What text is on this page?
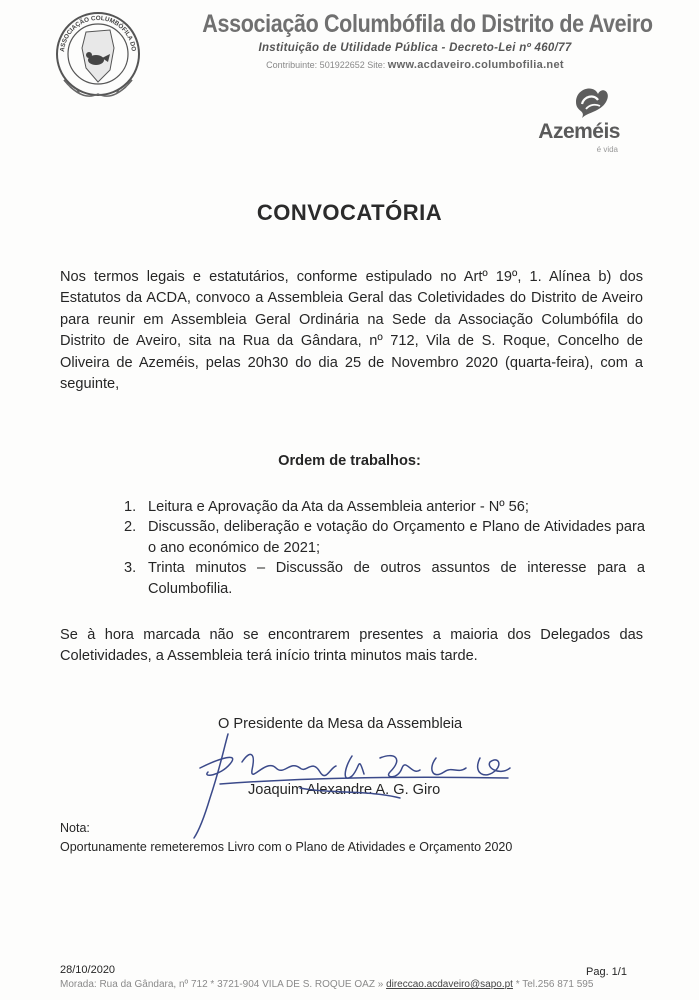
ASSOCIAÇÃO COLUMBÓFILA DO
Associação Columbófila do Distrito de Aveiro
Instituição de Utilidade Pública - Decreto-Lei nº 460/77
Contribuinte: 501922652 Site: www.acdaveiro.columbofilia.net
Azeméis
é vida
CONVOCATÓRIA
Nos termos legais e estatutários, conforme estipulado no Artº 19º, 1. Alínea b) dos Estatutos da ACDA, convoco a Assembleia Geral das Coletividades do Distrito de Aveiro para reunir em Assembleia Geral Ordinária na Sede da Associação Columbófila do Distrito de Aveiro, sita na Rua da Gândara, nº 712, Vila de S. Roque, Concelho de Oliveira de Azeméis, pelas 20h30 do dia 25 de Novembro 2020 (quarta-feira), com a seguinte,
Ordem de trabalhos:
1. Leitura e Aprovação da Ata da Assembleia anterior - Nº 56;
2. Discussão, deliberação e votação do Orçamento e Plano de Atividades para o ano económico de 2021;
3. Trinta minutos – Discussão de outros assuntos de interesse para a Columbofilia.
Se à hora marcada não se encontrarem presentes a maioria dos Delegados das Coletividades, a Assembleia terá início trinta minutos mais tarde.
O Presidente da Mesa da Assembleia
Joaquim Alexandre A. G. Giro
Nota:
Oportunamente remeteremos Livro com o Plano de Atividades e Orçamento 2020
28/10/2020	Pag. 1/1
Morada: Rua da Gândara, nº 712 * 3721-904 VILA DE S. ROQUE OAZ » direccao.acdaveiro@sapo.pt * Tel.256 871 595
